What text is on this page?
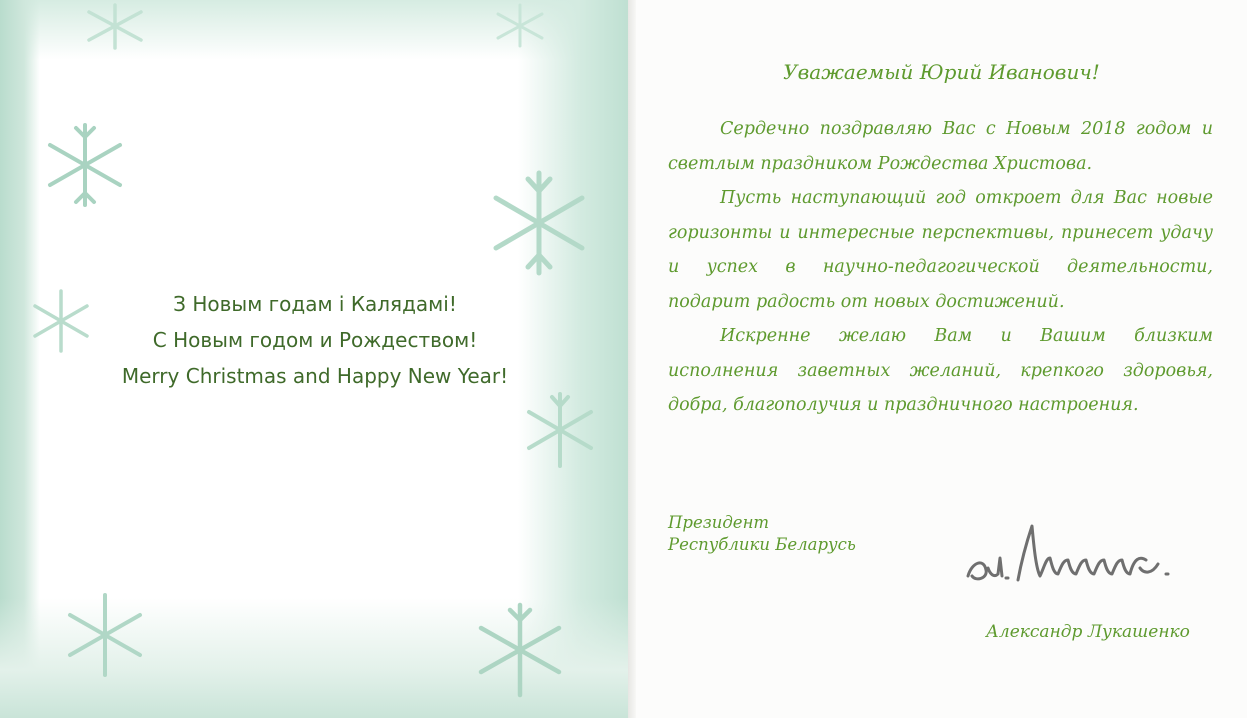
З Новым годам і Калядамі!
С Новым годом и Рождеством!
Merry Christmas and Happy New Year!
Уважаемый Юрий Иванович!

Сердечно поздравляю Вас с Новым 2018 годом и светлым праздником Рождества Христова.

Пусть наступающий год откроет для Вас новые горизонты и интересные перспективы, принесет удачу и успех в научно-педагогической деятельности, подарит радость от новых достижений.

Искренне желаю Вам и Вашим близким исполнения заветных желаний, крепкого здоровья, добра, благополучия и праздничного настроения.

Президент
Республики Беларусь
Александр Лукашенко
